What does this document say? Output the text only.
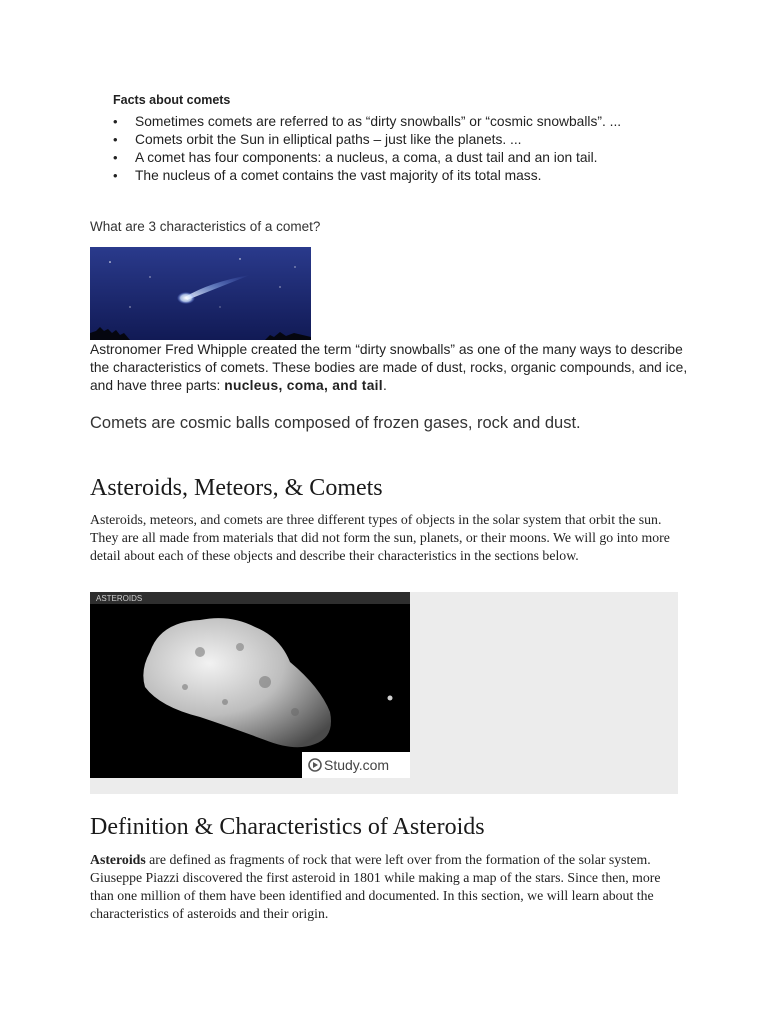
Facts about comets
• Sometimes comets are referred to as “dirty snowballs” or “cosmic snowballs”. ...
• Comets orbit the Sun in elliptical paths – just like the planets. ...
• A comet has four components: a nucleus, a coma, a dust tail and an ion tail.
• The nucleus of a comet contains the vast majority of its total mass.
What are 3 characteristics of a comet?
Astronomer Fred Whipple created the term “dirty snowballs” as one of the many ways to describe the characteristics of comets. These bodies are made of dust, rocks, organic compounds, and ice, and have three parts: nucleus, coma, and tail.
Comets are cosmic balls composed of frozen gases, rock and dust.
Asteroids, Meteors, & Comets
Asteroids, meteors, and comets are three different types of objects in the solar system that orbit the sun. They are all made from materials that did not form the sun, planets, or their moons. We will go into more detail about each of these objects and describe their characteristics in the sections below.
ASTEROIDS
Study.com
Definition & Characteristics of Asteroids
Asteroids are defined as fragments of rock that were left over from the formation of the solar system. Giuseppe Piazzi discovered the first asteroid in 1801 while making a map of the stars. Since then, more than one million of them have been identified and documented. In this section, we will learn about the characteristics of asteroids and their origin.
